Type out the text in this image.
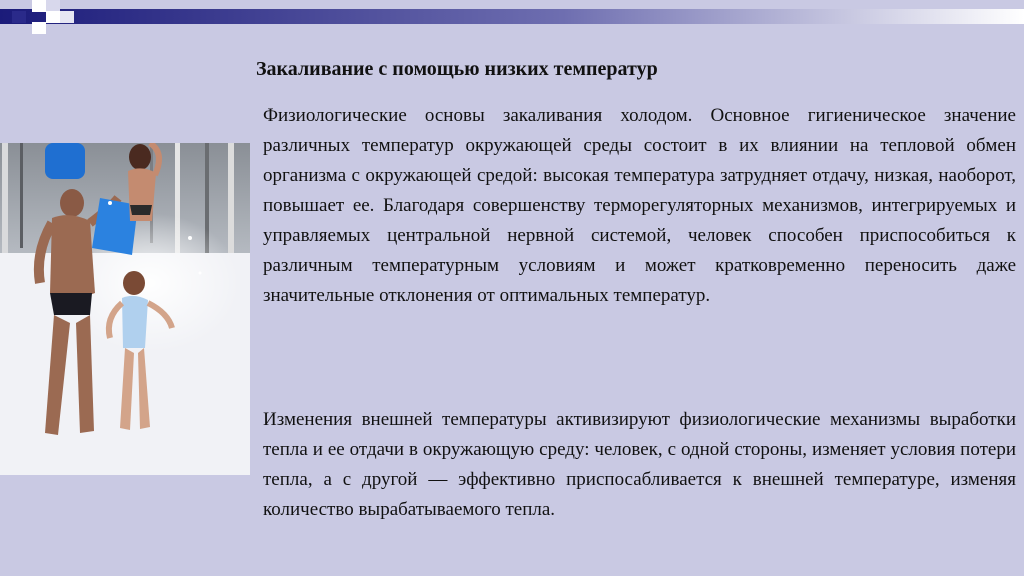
Закаливание с помощью низких температур

Физиологические основы закаливания холодом. Основное гигиеническое значение различных температур окружающей среды состоит в их влиянии на тепловой обмен организма с окружающей средой: высокая температура затрудняет отдачу, низкая, наоборот, повышает ее. Благодаря совершенству терморегуляторных механизмов, интегрируемых и управляемых центральной нервной системой, человек способен приспособиться к различным температурным условиям и может кратковременно переносить даже значительные отклонения от оптимальных температур.

Изменения внешней температуры активизируют физиологические механизмы выработки тепла и ее отдачи в окружающую среду: человек, с одной стороны, изменяет условия потери тепла, а с другой — эффективно приспосабливается к внешней температуре, изменяя количество вырабатываемого тепла.
